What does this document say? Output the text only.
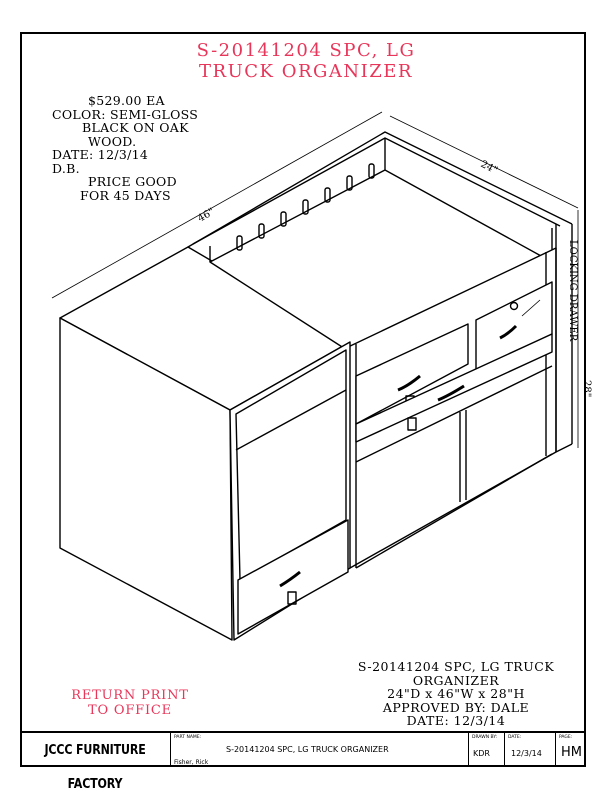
S-20141204 SPC, LG
TRUCK ORGANIZER
$529.00 EA
COLOR: SEMI-GLOSS
BLACK ON OAK
WOOD.
DATE: 12/3/14
D.B.
PRICE GOOD
FOR 45 DAYS
46"
24"
28"
LOCKING DRAWER
S-20141204 SPC, LG TRUCK
ORGANIZER
24"D x 46"W x 28"H
APPROVED BY: DALE
DATE: 12/3/14
RETURN PRINT
TO OFFICE
JCCC FURNITURE FACTORY
PART NAME:
Fisher, Rick
S-20141204 SPC, LG TRUCK ORGANIZER
DRAWN BY:
KDR
DATE:
12/3/14
PAGE:
HM
